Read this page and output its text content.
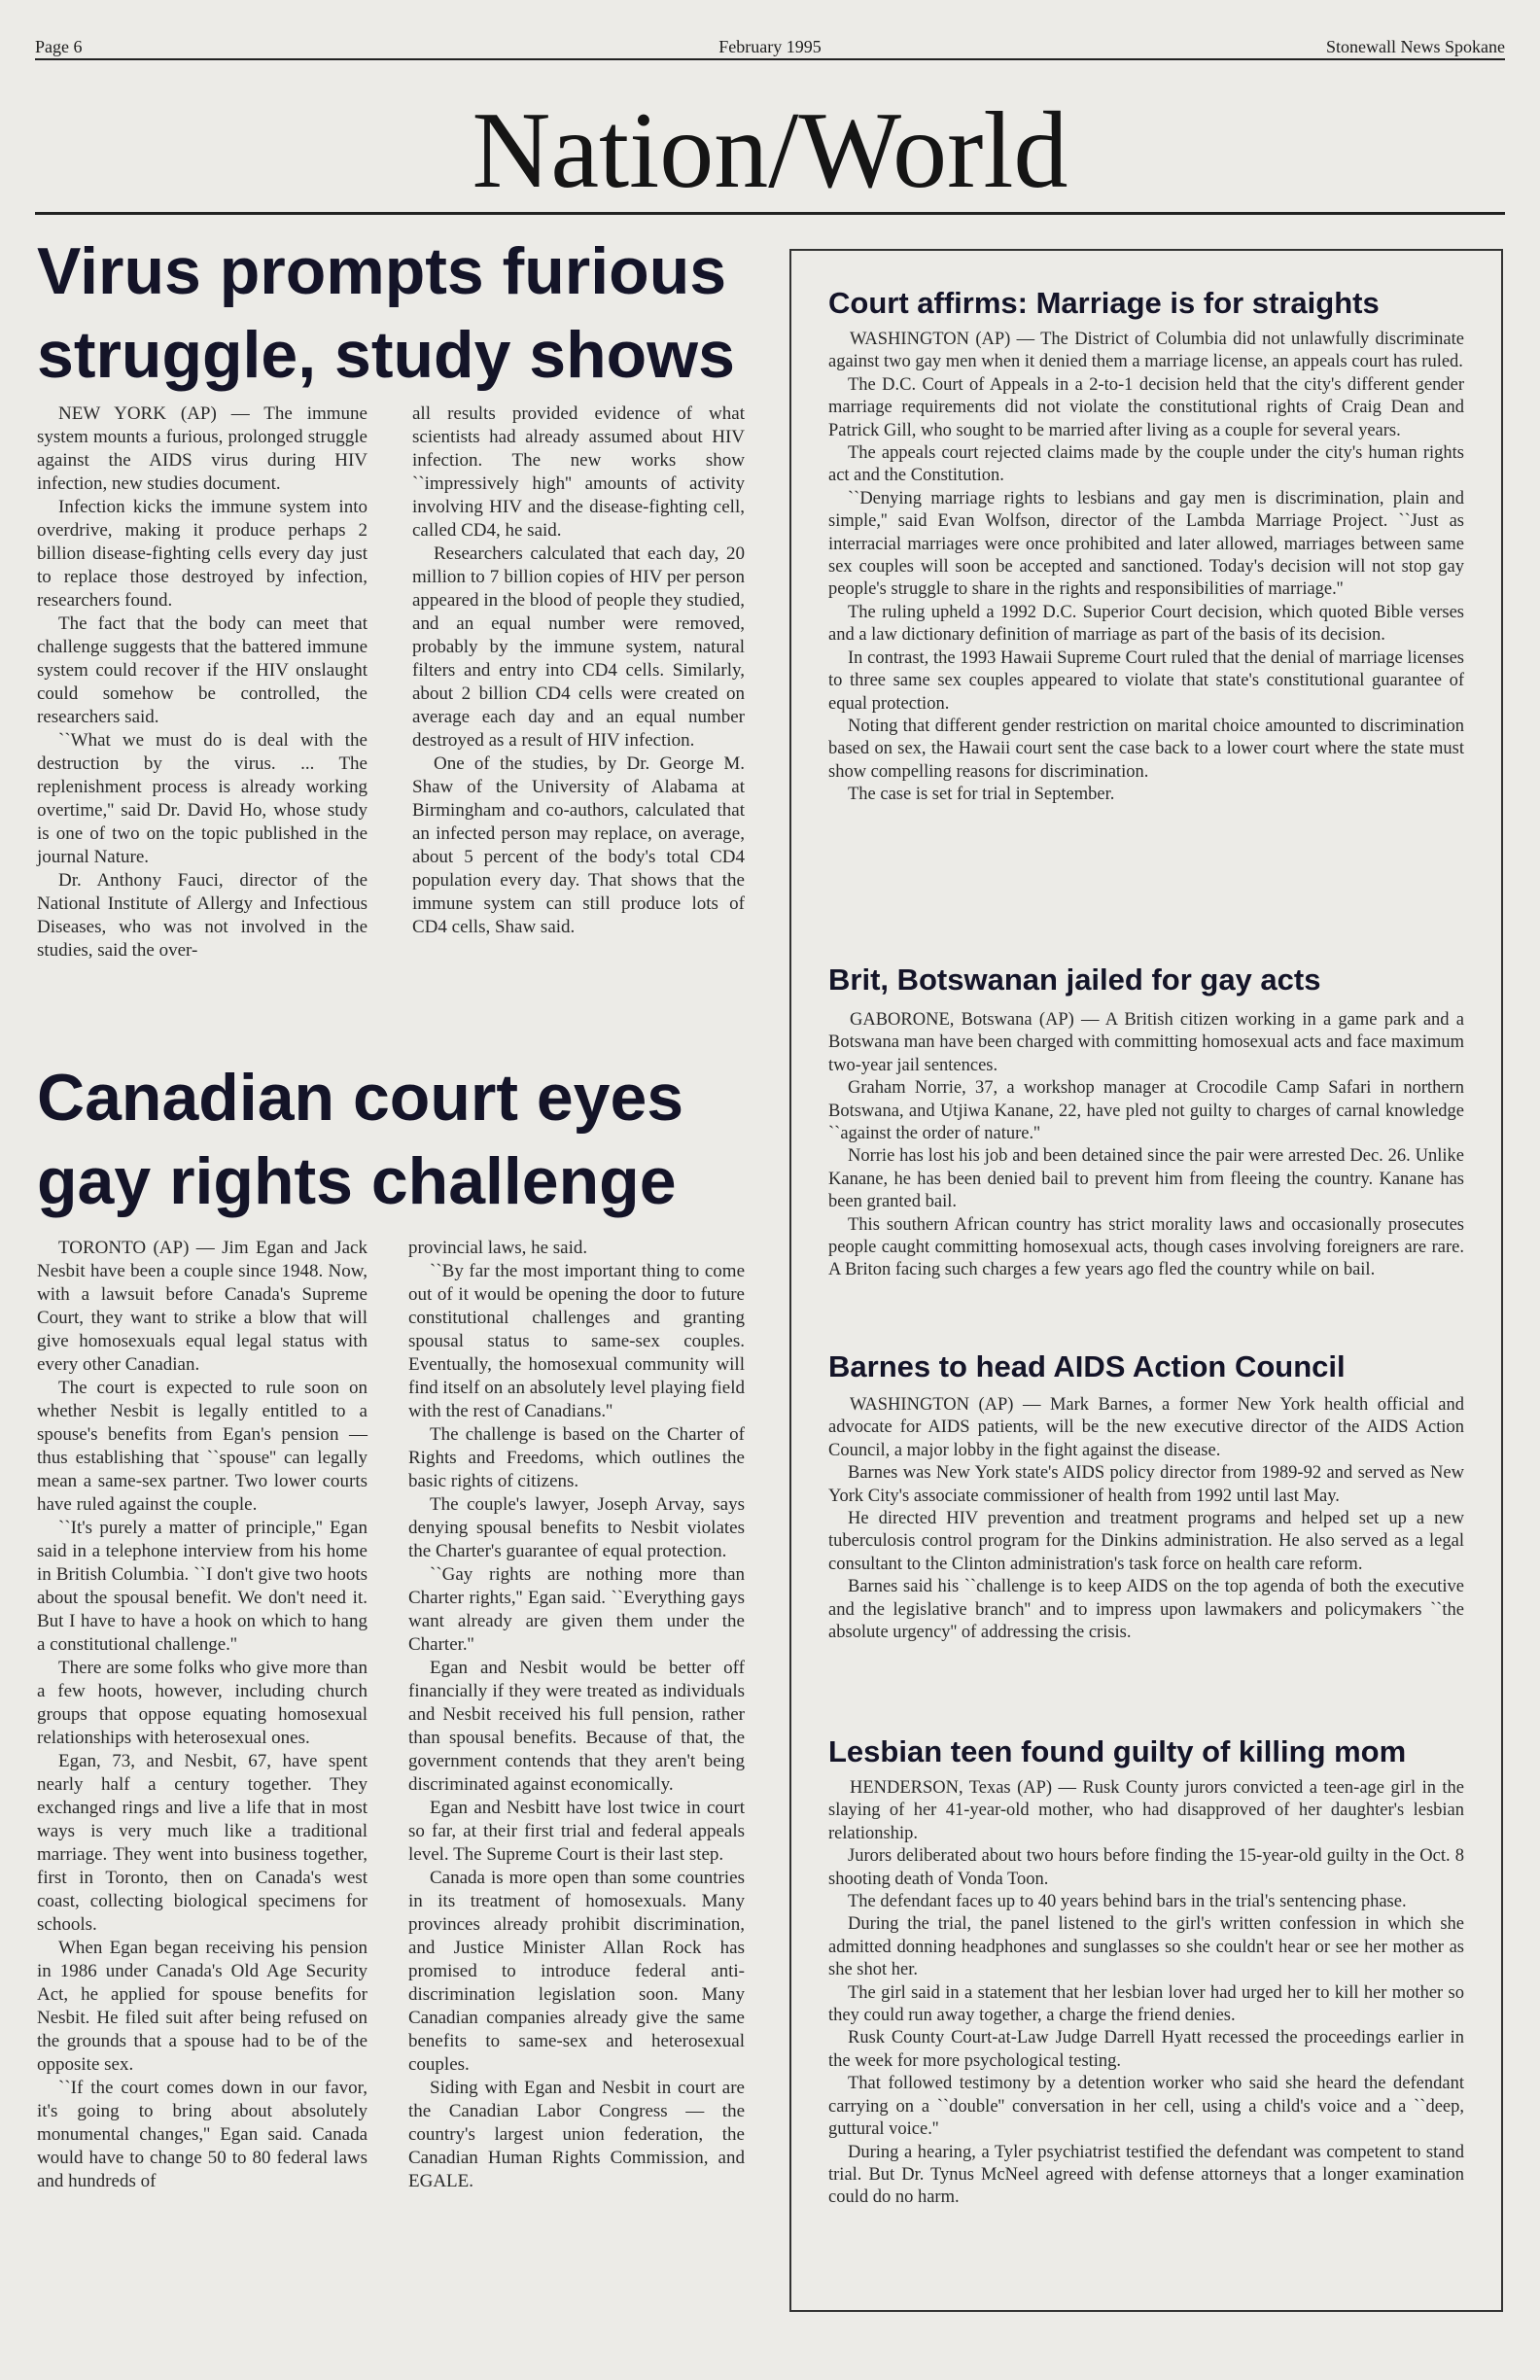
Page 6	February 1995	Stonewall News Spokane
Nation/World
Virus prompts furious struggle, study shows

NEW YORK (AP) — The immune system mounts a furious, prolonged struggle against the AIDS virus during HIV infection, new studies document.

Infection kicks the immune system into overdrive, making it produce perhaps 2 billion disease-fighting cells every day just to replace those destroyed by infection, researchers found.

The fact that the body can meet that challenge suggests that the battered immune system could recover if the HIV onslaught could somehow be controlled, the researchers said.

``What we must do is deal with the destruction by the virus. ... The replenishment process is already working overtime,'' said Dr. David Ho, whose study is one of two on the topic published in the journal Nature.

Dr. Anthony Fauci, director of the National Institute of Allergy and Infectious Diseases, who was not involved in the studies, said the over-

all results provided evidence of what scientists had already assumed about HIV infection. The new works show ``impressively high'' amounts of activity involving HIV and the disease-fighting cell, called CD4, he said.

Researchers calculated that each day, 20 million to 7 billion copies of HIV per person appeared in the blood of people they studied, and an equal number were removed, probably by the immune system, natural filters and entry into CD4 cells. Similarly, about 2 billion CD4 cells were created on average each day and an equal number destroyed as a result of HIV infection.

One of the studies, by Dr. George M. Shaw of the University of Alabama at Birmingham and co-authors, calculated that an infected person may replace, on average, about 5 percent of the body's total CD4 population every day. That shows that the immune system can still produce lots of CD4 cells, Shaw said.

Canadian court eyes gay rights challenge

TORONTO (AP) — Jim Egan and Jack Nesbit have been a couple since 1948. Now, with a lawsuit before Canada's Supreme Court, they want to strike a blow that will give homosexuals equal legal status with every other Canadian.

The court is expected to rule soon on whether Nesbit is legally entitled to a spouse's benefits from Egan's pension — thus establishing that ``spouse'' can legally mean a same-sex partner. Two lower courts have ruled against the couple.

``It's purely a matter of principle,'' Egan said in a telephone interview from his home in British Columbia. ``I don't give two hoots about the spousal benefit. We don't need it. But I have to have a hook on which to hang a constitutional challenge.''

There are some folks who give more than a few hoots, however, including church groups that oppose equating homosexual relationships with heterosexual ones.

Egan, 73, and Nesbit, 67, have spent nearly half a century together. They exchanged rings and live a life that in most ways is very much like a traditional marriage. They went into business together, first in Toronto, then on Canada's west coast, collecting biological specimens for schools.

When Egan began receiving his pension in 1986 under Canada's Old Age Security Act, he applied for spouse benefits for Nesbit. He filed suit after being refused on the grounds that a spouse had to be of the opposite sex.

``If the court comes down in our favor, it's going to bring about absolutely monumental changes,'' Egan said. Canada would have to change 50 to 80 federal laws and hundreds of

provincial laws, he said.

``By far the most important thing to come out of it would be opening the door to future constitutional challenges and granting spousal status to same-sex couples. Eventually, the homosexual community will find itself on an absolutely level playing field with the rest of Canadians.''

The challenge is based on the Charter of Rights and Freedoms, which outlines the basic rights of citizens.

The couple's lawyer, Joseph Arvay, says denying spousal benefits to Nesbit violates the Charter's guarantee of equal protection.

``Gay rights are nothing more than Charter rights,'' Egan said. ``Everything gays want already are given them under the Charter.''

Egan and Nesbit would be better off financially if they were treated as individuals and Nesbit received his full pension, rather than spousal benefits. Because of that, the government contends that they aren't being discriminated against economically.

Egan and Nesbitt have lost twice in court so far, at their first trial and federal appeals level. The Supreme Court is their last step.

Canada is more open than some countries in its treatment of homosexuals. Many provinces already prohibit discrimination, and Justice Minister Allan Rock has promised to introduce federal anti-discrimination legislation soon. Many Canadian companies already give the same benefits to same-sex and heterosexual couples.

Siding with Egan and Nesbit in court are the Canadian Labor Congress — the country's largest union federation, the Canadian Human Rights Commission, and EGALE.

Court affirms: Marriage is for straights

WASHINGTON (AP) — The District of Columbia did not unlawfully discriminate against two gay men when it denied them a marriage license, an appeals court has ruled.

The D.C. Court of Appeals in a 2-to-1 decision held that the city's different gender marriage requirements did not violate the constitutional rights of Craig Dean and Patrick Gill, who sought to be married after living as a couple for several years.

The appeals court rejected claims made by the couple under the city's human rights act and the Constitution.

``Denying marriage rights to lesbians and gay men is discrimination, plain and simple,'' said Evan Wolfson, director of the Lambda Marriage Project. ``Just as interracial marriages were once prohibited and later allowed, marriages between same sex couples will soon be accepted and sanctioned. Today's decision will not stop gay people's struggle to share in the rights and responsibilities of marriage.''

The ruling upheld a 1992 D.C. Superior Court decision, which quoted Bible verses and a law dictionary definition of marriage as part of the basis of its decision.

In contrast, the 1993 Hawaii Supreme Court ruled that the denial of marriage licenses to three same sex couples appeared to violate that state's constitutional guarantee of equal protection.

Noting that different gender restriction on marital choice amounted to discrimination based on sex, the Hawaii court sent the case back to a lower court where the state must show compelling reasons for discrimination.

The case is set for trial in September.

Brit, Botswanan jailed for gay acts

GABORONE, Botswana (AP) — A British citizen working in a game park and a Botswana man have been charged with committing homosexual acts and face maximum two-year jail sentences.

Graham Norrie, 37, a workshop manager at Crocodile Camp Safari in northern Botswana, and Utjiwa Kanane, 22, have pled not guilty to charges of carnal knowledge ``against the order of nature.''

Norrie has lost his job and been detained since the pair were arrested Dec. 26. Unlike Kanane, he has been denied bail to prevent him from fleeing the country. Kanane has been granted bail.

This southern African country has strict morality laws and occasionally prosecutes people caught committing homosexual acts, though cases involving foreigners are rare. A Briton facing such charges a few years ago fled the country while on bail.

Barnes to head AIDS Action Council

WASHINGTON (AP) — Mark Barnes, a former New York health official and advocate for AIDS patients, will be the new executive director of the AIDS Action Council, a major lobby in the fight against the disease.

Barnes was New York state's AIDS policy director from 1989-92 and served as New York City's associate commissioner of health from 1992 until last May.

He directed HIV prevention and treatment programs and helped set up a new tuberculosis control program for the Dinkins administration. He also served as a legal consultant to the Clinton administration's task force on health care reform.

Barnes said his ``challenge is to keep AIDS on the top agenda of both the executive and the legislative branch'' and to impress upon lawmakers and policymakers ``the absolute urgency'' of addressing the crisis.

Lesbian teen found guilty of killing mom

HENDERSON, Texas (AP) — Rusk County jurors convicted a teen-age girl in the slaying of her 41-year-old mother, who had disapproved of her daughter's lesbian relationship.

Jurors deliberated about two hours before finding the 15-year-old guilty in the Oct. 8 shooting death of Vonda Toon.

The defendant faces up to 40 years behind bars in the trial's sentencing phase.

During the trial, the panel listened to the girl's written confession in which she admitted donning headphones and sunglasses so she couldn't hear or see her mother as she shot her.

The girl said in a statement that her lesbian lover had urged her to kill her mother so they could run away together, a charge the friend denies.

Rusk County Court-at-Law Judge Darrell Hyatt recessed the proceedings earlier in the week for more psychological testing.

That followed testimony by a detention worker who said she heard the defendant carrying on a ``double'' conversation in her cell, using a child's voice and a ``deep, guttural voice.''

During a hearing, a Tyler psychiatrist testified the defendant was competent to stand trial. But Dr. Tynus McNeel agreed with defense attorneys that a longer examination could do no harm.
